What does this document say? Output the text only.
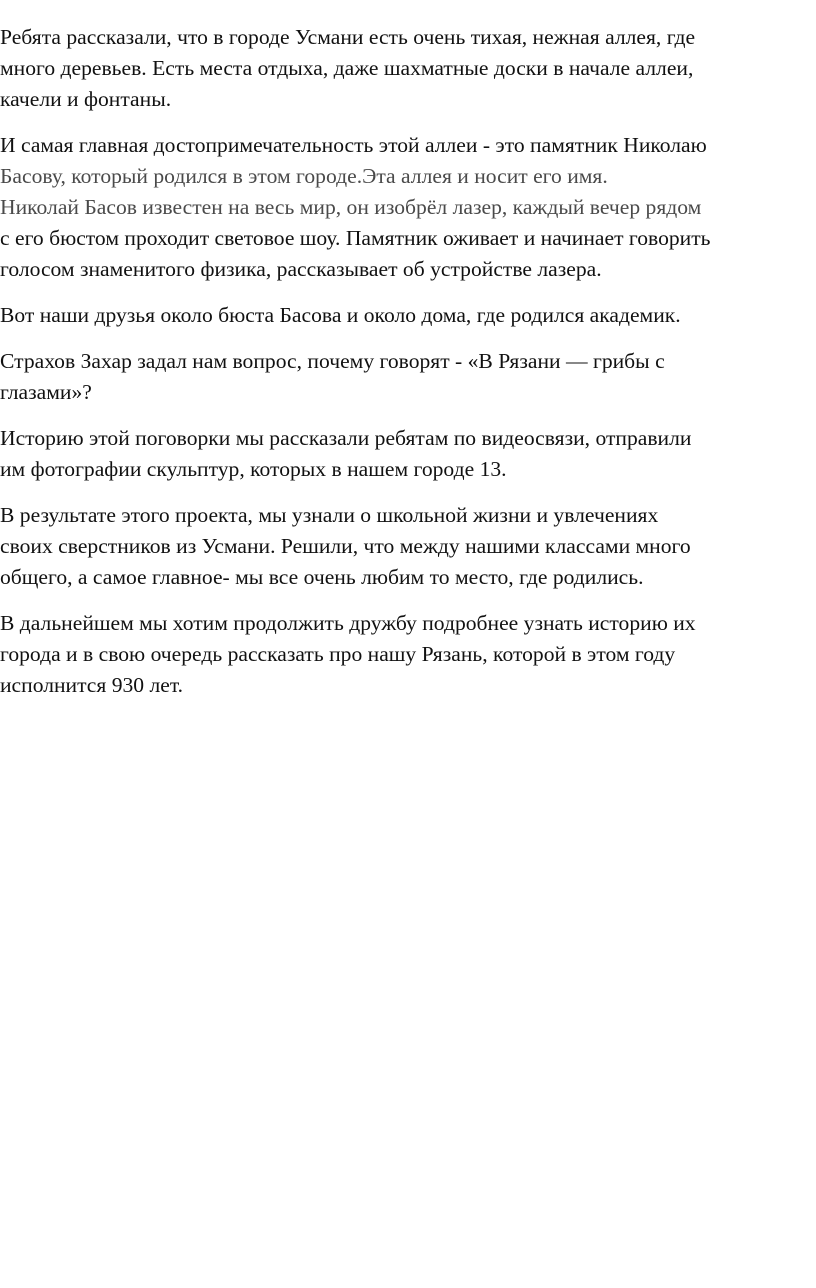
Ребята рассказали, что в городе Усмани есть очень тихая, нежная аллея, где
много деревьев. Есть места отдыха, даже шахматные доски в начале аллеи,
качели и фонтаны.

И самая главная достопримечательность этой аллеи - это памятник Николаю
Басову, который родился в этом городе.Эта аллея и носит его имя.
Николай Басов известен на весь мир, он изобрёл лазер, каждый вечер рядом
с его бюстом проходит световое шоу. Памятник оживает и начинает говорить
голосом знаменитого физика, рассказывает об устройстве лазера.

Вот наши друзья около бюста Басова и около дома, где родился академик.

Страхов Захар задал нам вопрос, почему говорят - «В Рязани — грибы с
глазами»?

Историю этой поговорки мы рассказали ребятам по видеосвязи, отправили
им фотографии скульптур, которых в нашем городе 13.

В результате этого проекта, мы узнали о школьной жизни и увлечениях
своих сверстников из Усмани. Решили, что между нашими классами много
общего, а самое главное- мы все очень любим то место, где родились.

В дальнейшем мы хотим продолжить дружбу подробнее узнать историю их
города и в свою очередь рассказать про нашу Рязань, которой в этом году
исполнится 930 лет.
